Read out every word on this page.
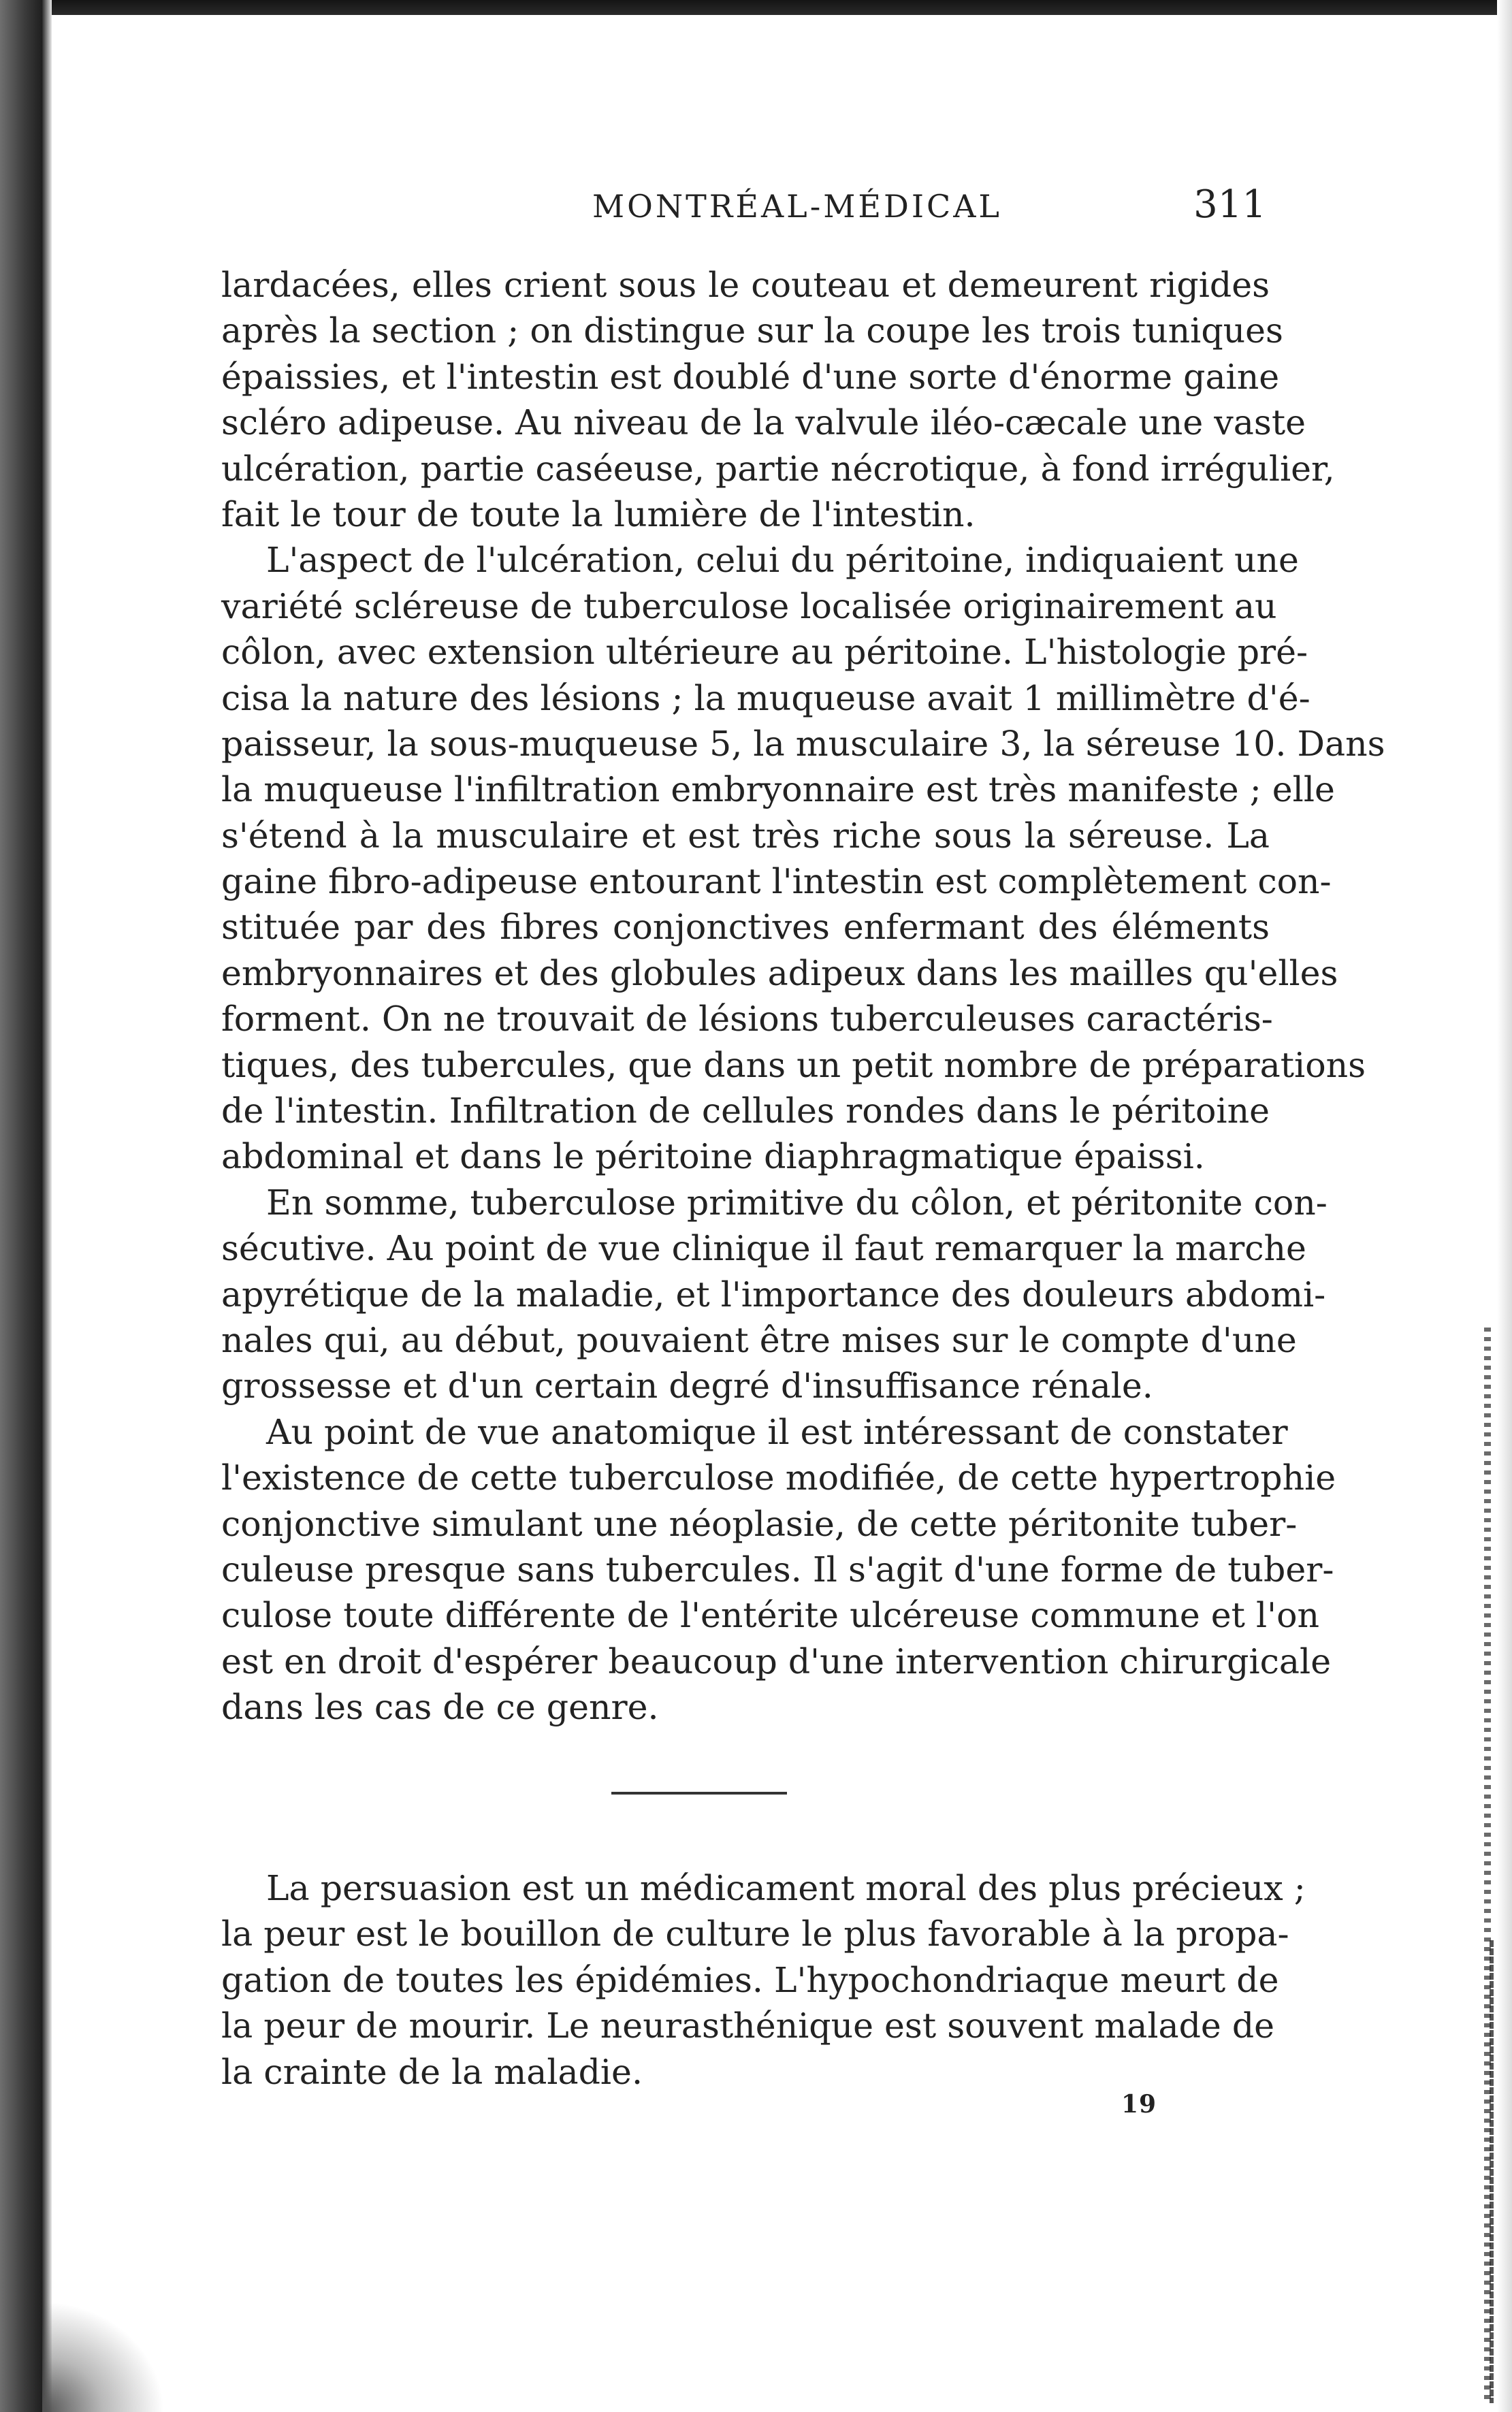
MONTRÉAL-MÉDICAL	311
lardacées, elles crient sous le couteau et demeurent rigides
après la section ; on distingue sur la coupe les trois tuniques
épaissies, et l'intestin est doublé d'une sorte d'énorme gaine
scléro adipeuse. Au niveau de la valvule iléo-cæcale une vaste
ulcération, partie caséeuse, partie nécrotique, à fond irrégulier,
fait le tour de toute la lumière de l'intestin.
L'aspect de l'ulcération, celui du péritoine, indiquaient une
variété scléreuse de tuberculose localisée originairement au
côlon, avec extension ultérieure au péritoine. L'histologie pré-
cisa la nature des lésions ; la muqueuse avait 1 millimètre d'é-
paisseur, la sous-muqueuse 5, la musculaire 3, la séreuse 10. Dans
la muqueuse l'infiltration embryonnaire est très manifeste ; elle
s'étend à la musculaire et est très riche sous la séreuse. La
gaine fibro-adipeuse entourant l'intestin est complètement con-
stituée par des fibres conjonctives enfermant des éléments
embryonnaires et des globules adipeux dans les mailles qu'elles
forment. On ne trouvait de lésions tuberculeuses caractéris-
tiques, des tubercules, que dans un petit nombre de préparations
de l'intestin. Infiltration de cellules rondes dans le péritoine
abdominal et dans le péritoine diaphragmatique épaissi.
En somme, tuberculose primitive du côlon, et péritonite con-
sécutive. Au point de vue clinique il faut remarquer la marche
apyrétique de la maladie, et l'importance des douleurs abdomi-
nales qui, au début, pouvaient être mises sur le compte d'une
grossesse et d'un certain degré d'insuffisance rénale.
Au point de vue anatomique il est intéressant de constater
l'existence de cette tuberculose modifiée, de cette hypertrophie
conjonctive simulant une néoplasie, de cette péritonite tuber-
culeuse presque sans tubercules. Il s'agit d'une forme de tuber-
culose toute différente de l'entérite ulcéreuse commune et l'on
est en droit d'espérer beaucoup d'une intervention chirurgicale
dans les cas de ce genre.
La persuasion est un médicament moral des plus précieux ;
la peur est le bouillon de culture le plus favorable à la propa-
gation de toutes les épidémies. L'hypochondriaque meurt de
la peur de mourir. Le neurasthénique est souvent malade de
la crainte de la maladie.
19
